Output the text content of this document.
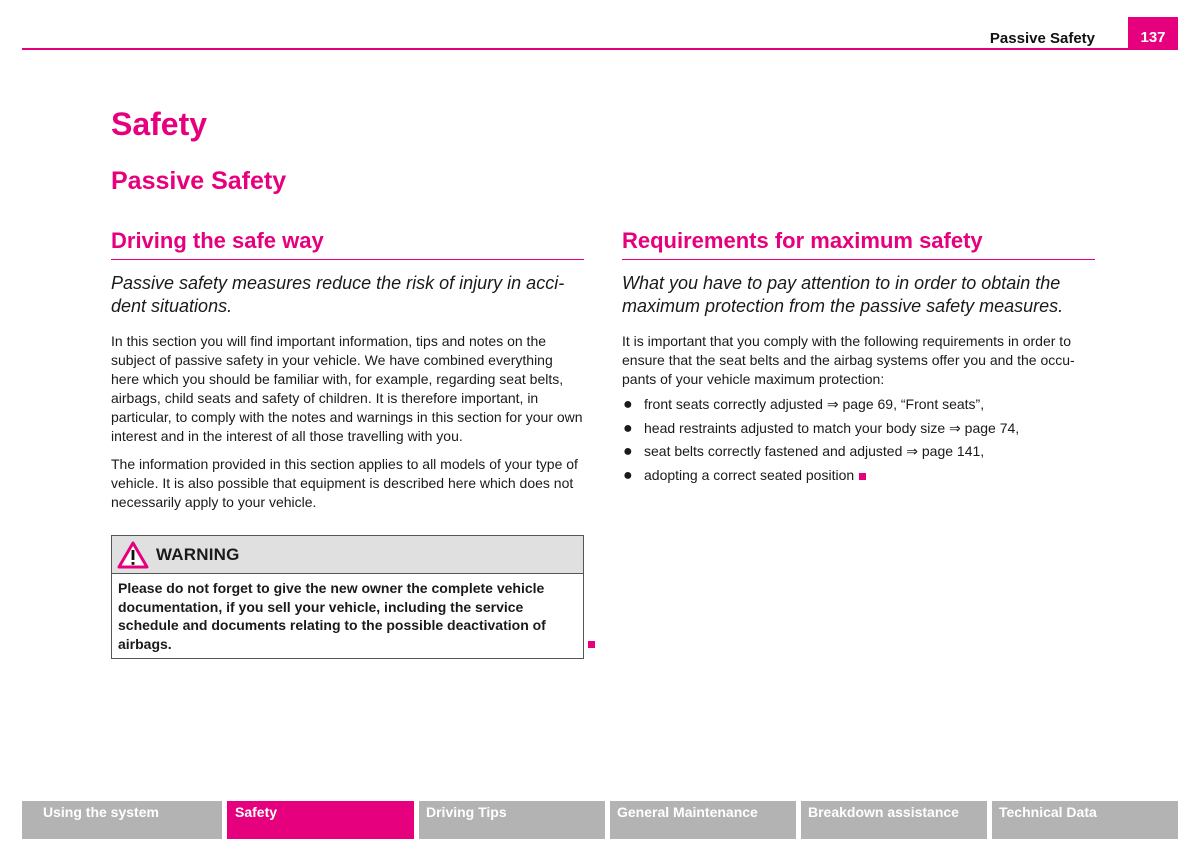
Passive Safety	137
Safety
Passive Safety
Driving the safe way

Passive safety measures reduce the risk of injury in acci-dent situations.

In this section you will find important information, tips and notes on the subject of passive safety in your vehicle. We have combined everything here which you should be familiar with, for example, regarding seat belts, airbags, child seats and safety of children. It is therefore important, in particular, to comply with the notes and warnings in this section for your own interest and in the interest of all those travelling with you.

The information provided in this section applies to all models of your type of vehicle. It is also possible that equipment is described here which does not necessarily apply to your vehicle.

WARNING
Please do not forget to give the new owner the complete vehicle documentation, if you sell your vehicle, including the service schedule and documents relating to the possible deactivation of airbags.
Requirements for maximum safety

What you have to pay attention to in order to obtain the maximum protection from the passive safety measures.

It is important that you comply with the following requirements in order to ensure that the seat belts and the airbag systems offer you and the occu-pants of your vehicle maximum protection:

● front seats correctly adjusted ⇒ page 69, “Front seats”,
● head restraints adjusted to match your body size ⇒ page 74,
● seat belts correctly fastened and adjusted ⇒ page 141,
● adopting a correct seated position
Using the system	Safety	Driving Tips	General Maintenance	Breakdown assistance	Technical Data
